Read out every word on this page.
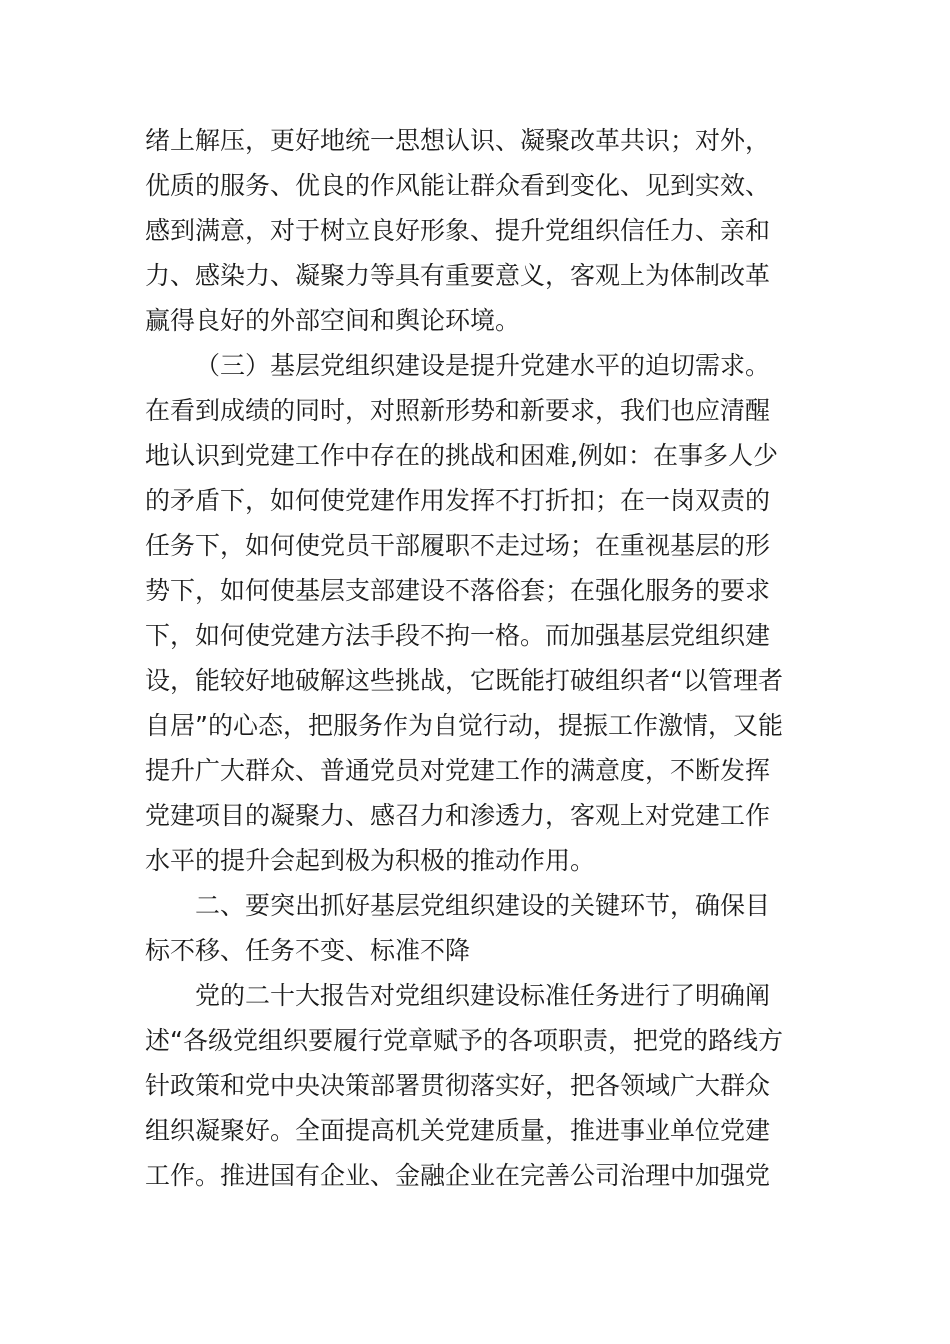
绪上解压，更好地统一思想认识、凝聚改革共识；对外，
优质的服务、优良的作风能让群众看到变化、见到实效、
感到满意，对于树立良好形象、提升党组织信任力、亲和
力、感染力、凝聚力等具有重要意义，客观上为体制改革
赢得良好的外部空间和舆论环境。
（三）基层党组织建设是提升党建水平的迫切需求。
在看到成绩的同时，对照新形势和新要求，我们也应清醒
地认识到党建工作中存在的挑战和困难,例如：在事多人少
的矛盾下，如何使党建作用发挥不打折扣；在一岗双责的
任务下，如何使党员干部履职不走过场；在重视基层的形
势下，如何使基层支部建设不落俗套；在强化服务的要求
下，如何使党建方法手段不拘一格。而加强基层党组织建
设，能较好地破解这些挑战，它既能打破组织者“以管理者
自居”的心态，把服务作为自觉行动，提振工作激情，又能
提升广大群众、普通党员对党建工作的满意度，不断发挥
党建项目的凝聚力、感召力和渗透力，客观上对党建工作
水平的提升会起到极为积极的推动作用。
二、要突出抓好基层党组织建设的关键环节，确保目
标不移、任务不变、标准不降
党的二十大报告对党组织建设标准任务进行了明确阐
述“各级党组织要履行党章赋予的各项职责，把党的路线方
针政策和党中央决策部署贯彻落实好，把各领域广大群众
组织凝聚好。全面提高机关党建质量，推进事业单位党建
工作。推进国有企业、金融企业在完善公司治理中加强党
